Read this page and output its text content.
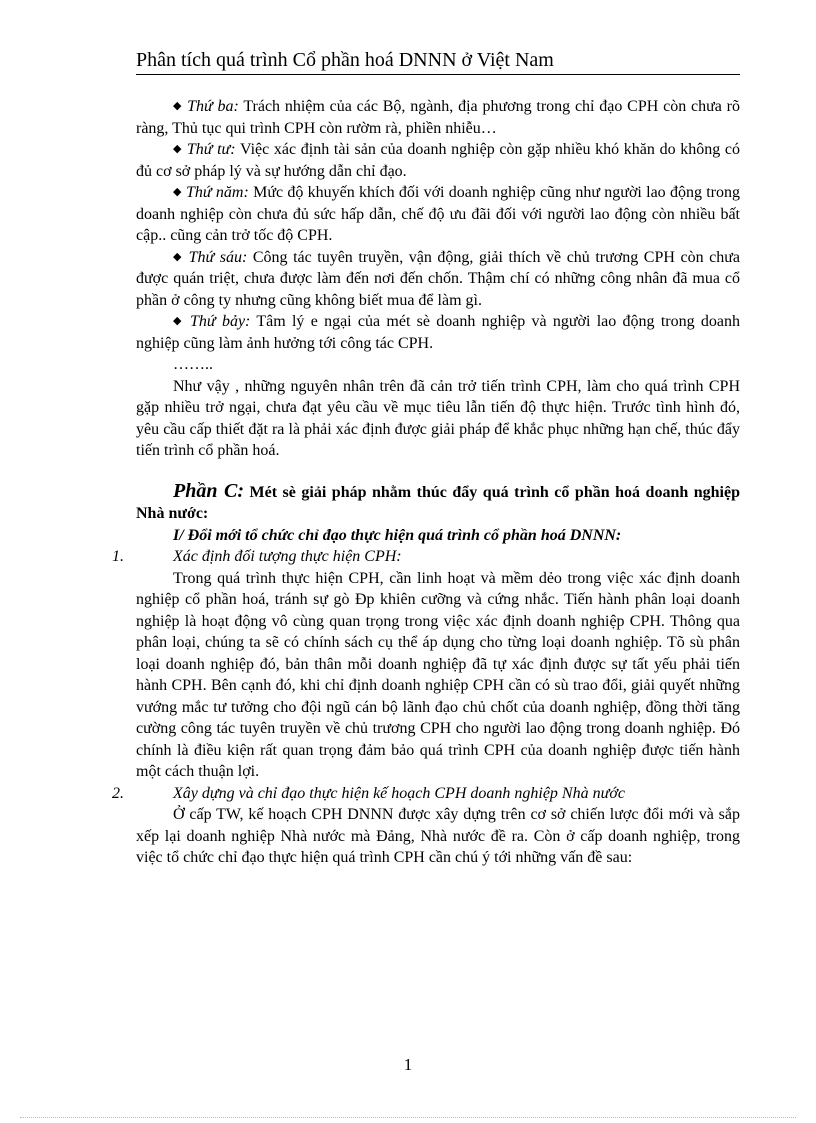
Phân tích quá trình Cổ phần hoá DNNN ở Việt Nam

◆ Thứ ba: Trách nhiệm của các Bộ, ngành, địa phương trong chỉ đạo CPH còn chưa rõ ràng, Thủ tục qui trình CPH còn rườm rà, phiền nhiễu…

◆ Thứ tư: Việc xác định tài sản của doanh nghiệp còn gặp nhiều khó khăn do không có đủ cơ sở pháp lý và sự hướng dẫn chỉ đạo.

◆ Thứ năm: Mức độ khuyến khích đối với doanh nghiệp cũng như người lao động trong doanh nghiệp còn chưa đủ sức hấp dẫn, chế độ ưu đãi đối với người lao động còn nhiều bất cập.. cũng cản trở tốc độ CPH.

◆ Thứ sáu: Công tác tuyên truyền, vận động, giải thích về chủ trương CPH còn chưa được quán triệt, chưa được làm đến nơi đến chốn. Thậm chí có những công nhân đã mua cổ phần ở công ty nhưng cũng không biết mua để làm gì.

◆ Thứ bảy: Tâm lý e ngại của mét sè doanh nghiệp và người lao động trong doanh nghiệp cũng làm ảnh hưởng tới công tác CPH.

……..

Như vậy , những nguyên nhân trên đã cản trở tiến trình CPH, làm cho quá trình CPH gặp nhiều trở ngại, chưa đạt yêu cầu về mục tiêu lẫn tiến độ thực hiện. Trước tình hình đó, yêu cầu cấp thiết đặt ra là phải xác định được giải pháp để khắc phục những hạn chế, thúc đẩy tiến trình cổ phần hoá.

Phần C: Mét sè giải pháp nhằm thúc đẩy quá trình cổ phần hoá doanh nghiệp Nhà nước:

I/ Đổi mới tổ chức chỉ đạo thực hiện quá trình cổ phần hoá DNNN:

1.	Xác định đối tượng thực hiện CPH:

Trong quá trình thực hiện CPH, cần linh hoạt và mềm dẻo trong việc xác định doanh nghiệp cổ phần hoá, tránh sự gò Đp khiên cưỡng và cứng nhắc. Tiến hành phân loại doanh nghiệp là hoạt động vô cùng quan trọng trong việc xác định doanh nghiệp CPH. Thông qua phân loại, chúng ta sẽ có chính sách cụ thể áp dụng cho từng loại doanh nghiệp. Tõ sù phân loại doanh nghiệp đó, bản thân mỗi doanh nghiệp đã tự xác định được sự tất yếu phải tiến hành CPH. Bên cạnh đó, khi chỉ định doanh nghiệp CPH cần có sù trao đổi, giải quyết những vướng mắc tư tưởng cho đội ngũ cán bộ lãnh đạo chủ chốt của doanh nghiệp, đồng thời tăng cường công tác tuyên truyền về chủ trương CPH cho người lao động trong doanh nghiệp. Đó chính là điều kiện rất quan trọng đảm bảo quá trình CPH của doanh nghiệp được tiến hành một cách thuận lợi.

2.	Xây dựng và chỉ đạo thực hiện kế hoạch CPH doanh nghiệp Nhà nước

Ở cấp TW, kế hoạch CPH DNNN được xây dựng trên cơ sở chiến lược đổi mới và sắp xếp lại doanh nghiệp Nhà nước mà Đảng, Nhà nước đề ra. Còn ở cấp doanh nghiệp, trong việc tổ chức chỉ đạo thực hiện quá trình CPH cần chú ý tới những vấn đề sau:

1
